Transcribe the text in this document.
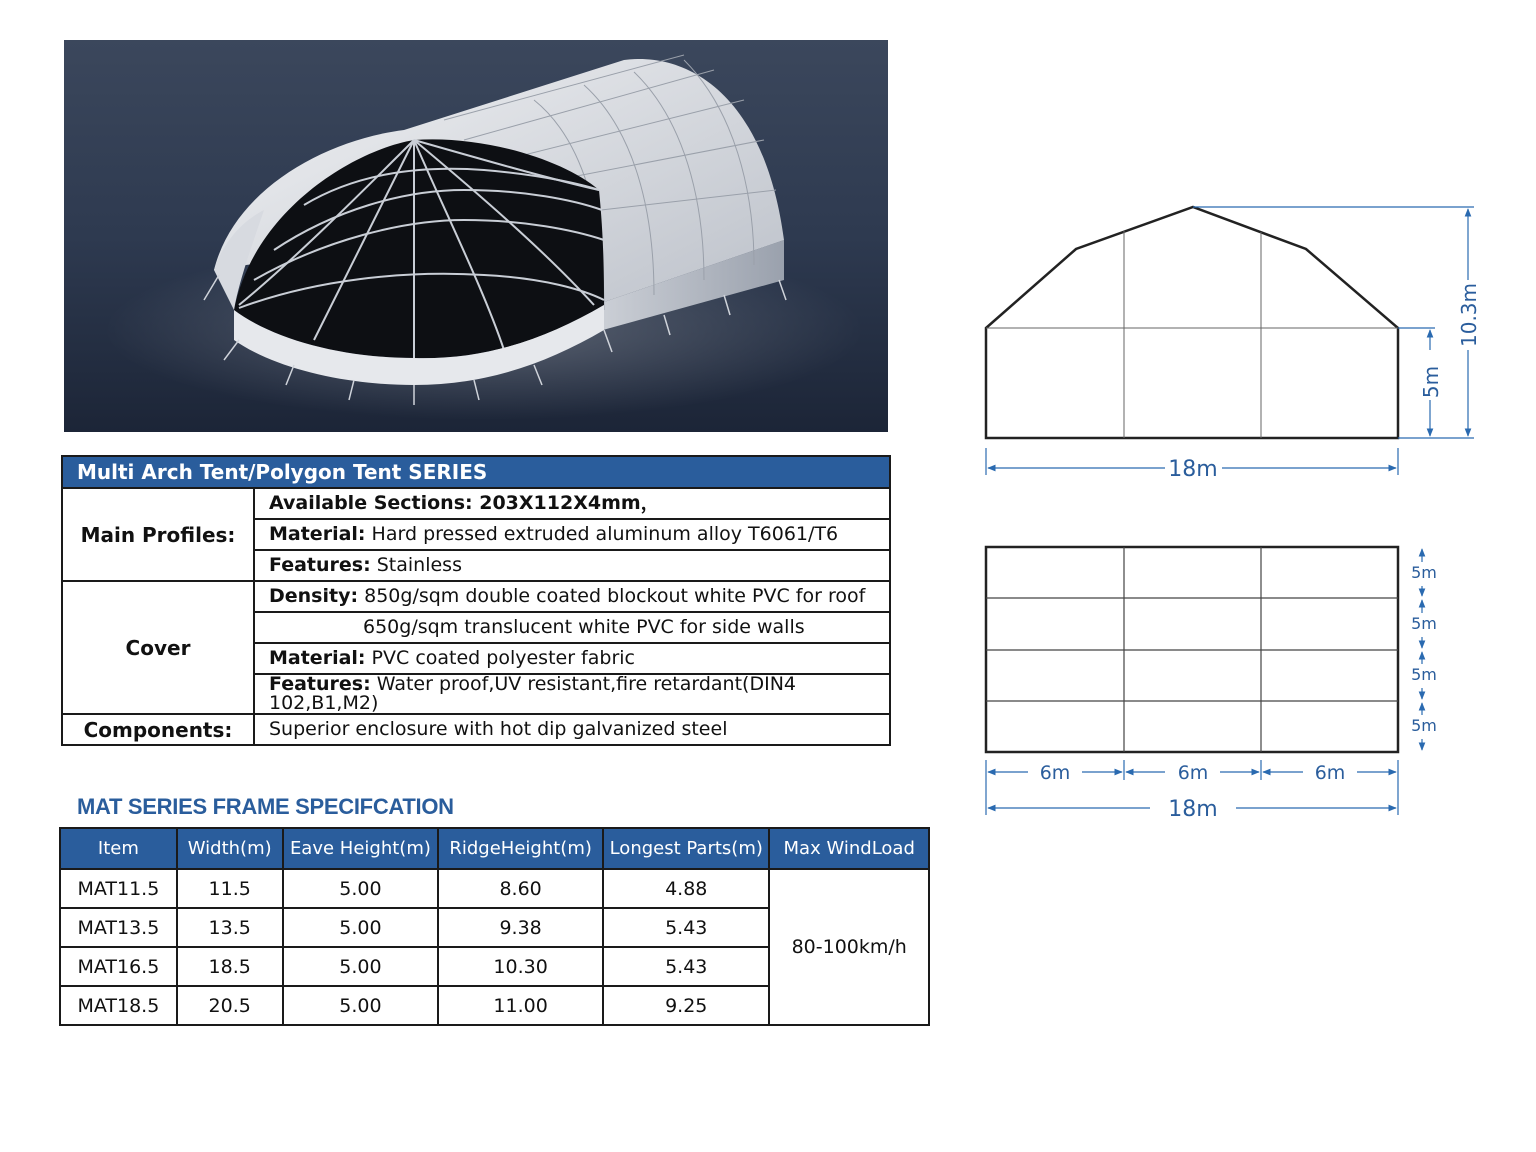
Multi Arch Tent/Polygon Tent SERIES	
Main Profiles:	Available Sections: 203X112X4mm，
	Material: Hard pressed extruded aluminum alloy T6061/T6
	Features: Stainless
Cover	Density: 850g/sqm double coated blockout white PVC for roof
	650g/sqm translucent white PVC for side walls
	Material: PVC coated polyester fabric
	Features: Water proof,UV resistant,fire retardant(DIN4 102,B1,M2)
Components:	Superior enclosure with hot dip galvanized steel
MAT SERIES FRAME SPECIFCATION
Item	Width(m)	Eave Height(m)	RidgeHeight(m)	Longest Parts(m)	Max WindLoad
MAT11.5	11.5	5.00	8.60	4.88	80-100km/h
MAT13.5	13.5	5.00	9.38	5.43	
MAT16.5	18.5	5.00	10.30	5.43	
MAT18.5	20.5	5.00	11.00	9.25	
10.3m
5m
18m
5m
5m
5m
5m
6m	6m	6m
18m
